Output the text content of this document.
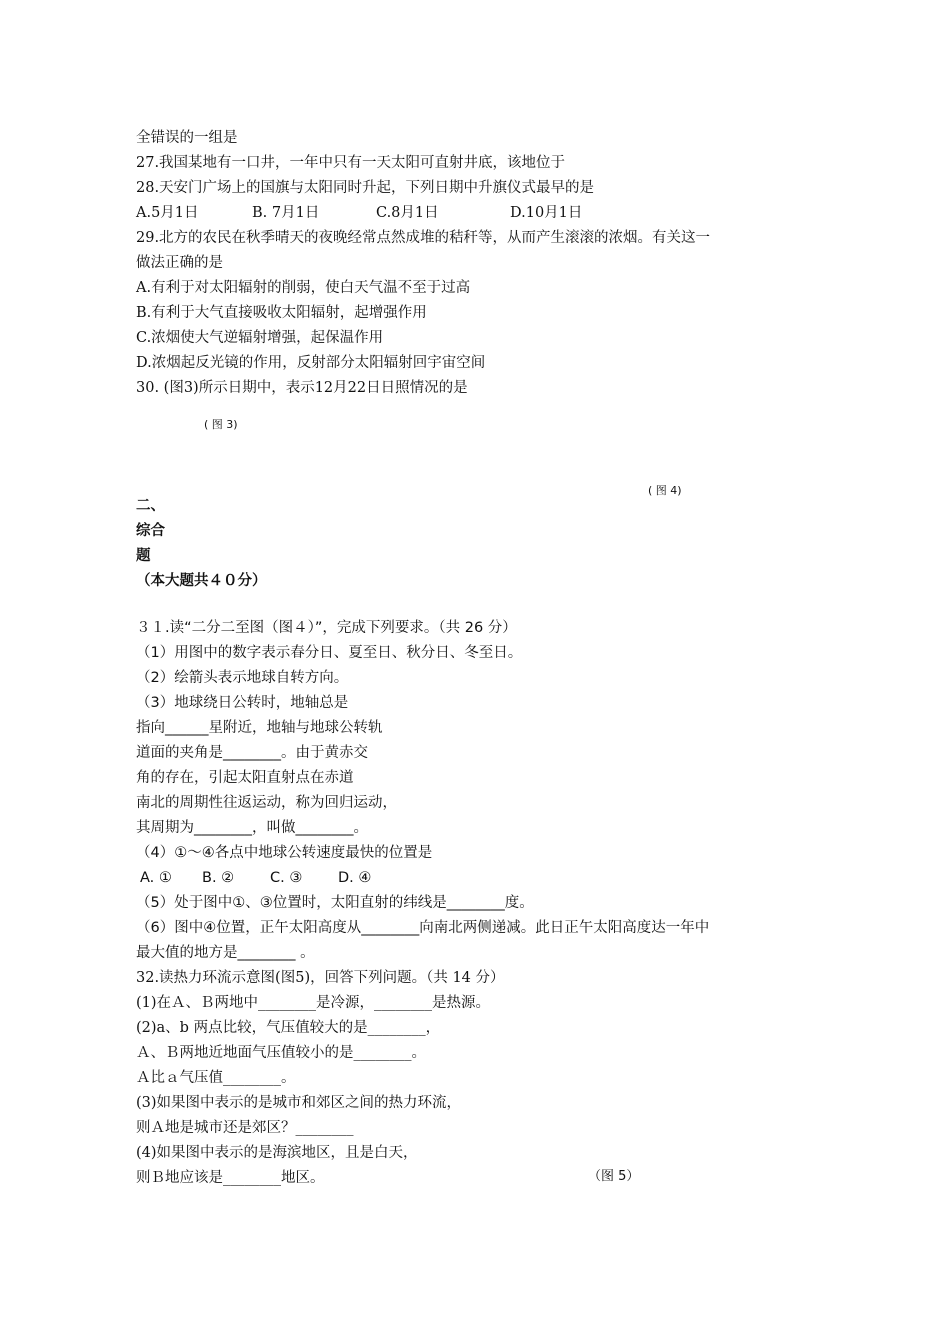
全错误的一组是
27.我国某地有一口井，一年中只有一天太阳可直射井底，该地位于
28.天安门广场上的国旗与太阳同时升起，下列日期中升旗仪式最早的是
A.5月1日	B. 7月1日	C.8月1日	D.10月1日
29.北方的农民在秋季晴天的夜晚经常点然成堆的秸秆等，从而产生滚滚的浓烟。有关这一
做法正确的是
A.有利于对太阳辐射的削弱，使白天气温不至于过高
B.有利于大气直接吸收太阳辐射，起增强作用
C.浓烟使大气逆辐射增强，起保温作用
D.浓烟起反光镜的作用，反射部分太阳辐射回宇宙空间
30. (图3)所示日期中，表示12月22日日照情况的是
( 图 3)
( 图 4)
二、
综合
题
（本大题共４０分）
３１.读“二分二至图（图４）”，完成下列要求。（共 26 分）
（1）用图中的数字表示春分日、夏至日、秋分日、冬至日。
（2）绘箭头表示地球自转方向。
（3）地球绕日公转时，地轴总是
指向______星附近，地轴与地球公转轨
道面的夹角是________。由于黄赤交
角的存在，引起太阳直射点在赤道
南北的周期性往返运动，称为回归运动，
其周期为________，叫做________。
（4）①～④各点中地球公转速度最快的位置是
A. ① B. ② C. ③ D. ④
（5）处于图中①、③位置时，太阳直射的纬线是________度。
（6）图中④位置，正午太阳高度从________向南北两侧递减。此日正午太阳高度达一年中
最大值的地方是________ 。
32.读热力环流示意图(图5)，回答下列问题。（共 14 分）
(1)在Ａ、Ｂ两地中________是冷源，________是热源。
(2)a、b 两点比较，气压值较大的是________，
Ａ、Ｂ两地近地面气压值较小的是________。
Ａ比ａ气压值________。
(3)如果图中表示的是城市和郊区之间的热力环流，
则Ａ地是城市还是郊区？________
(4)如果图中表示的是海滨地区，且是白天，
则Ｂ地应该是________地区。	（图 5）
